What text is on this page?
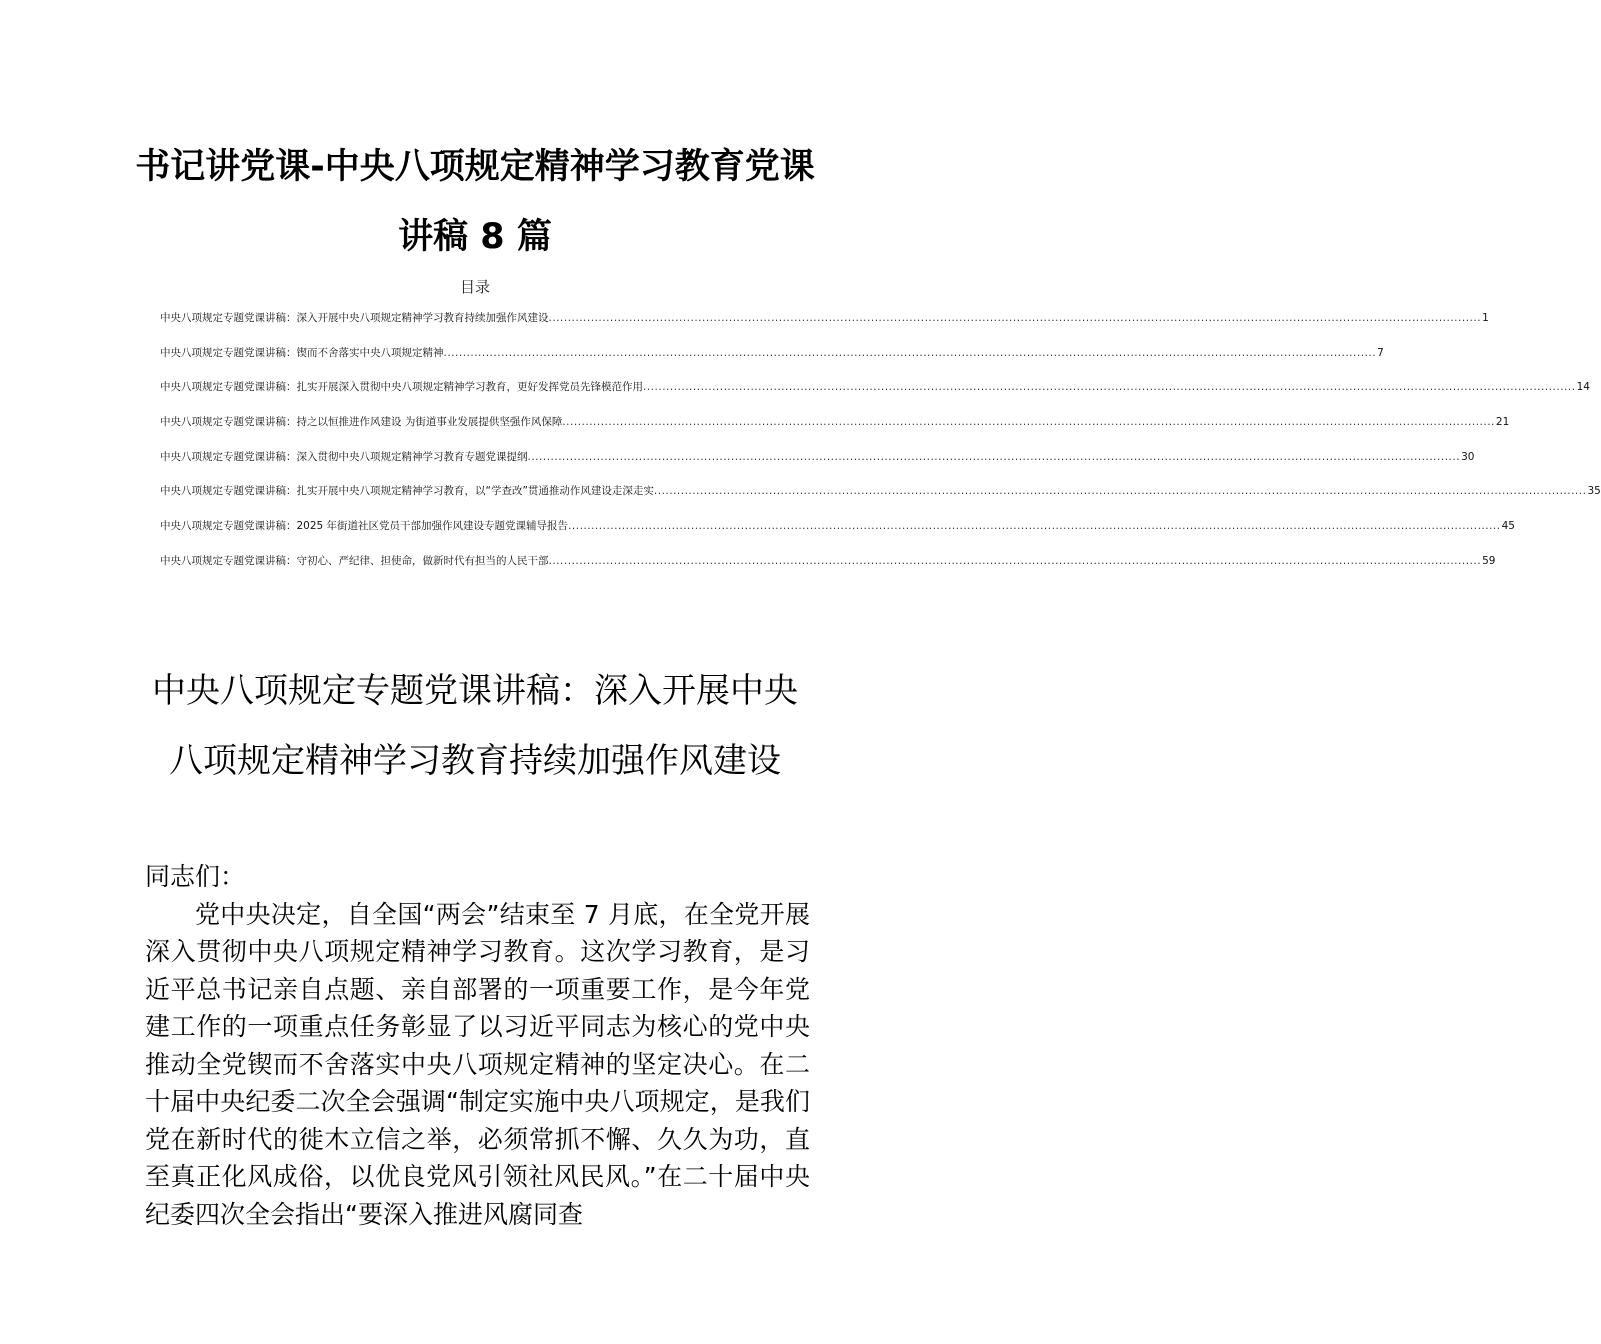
书记讲党课-中央八项规定精神学习教育党课讲稿 8 篇
目录
中央八项规定专题党课讲稿：深入开展中央八项规定精神学习教育持续加强作风建设 .....	1
中央八项规定专题党课讲稿：锲而不舍落实中央八项规定精神 .....	7
中央八项规定专题党课讲稿：扎实开展深入贯彻中央八项规定精神学习教育，更好发挥党员先锋模范作用 .....	14
中央八项规定专题党课讲稿：持之以恒推进作风建设 为街道事业发展提供坚强作风保障 .....	21
中央八项规定专题党课讲稿：深入贯彻中央八项规定精神学习教育专题党课提纲 .....	30
中央八项规定专题党课讲稿：扎实开展中央八项规定精神学习教育，以“学查改”贯通推动作风建设走深走实 .....	35
中央八项规定专题党课讲稿：2025 年街道社区党员干部加强作风建设专题党课辅导报告 .....	45
中央八项规定专题党课讲稿：守初心、严纪律、担使命，做新时代有担当的人民干部 .....	59
中央八项规定专题党课讲稿：深入开展中央八项规定精神学习教育持续加强作风建设

同志们：

党中央决定，自全国“两会”结束至 7 月底，在全党开展深入贯彻中央八项规定精神学习教育。这次学习教育，是习近平总书记亲自点题、亲自部署的一项重要工作，是今年党建工作的一项重点任务彰显了以习近平同志为核心的党中央推动全党锲而不舍落实中央八项规定精神的坚定决心。在二十届中央纪委二次全会强调“制定实施中央八项规定，是我们党在新时代的徙木立信之举，必须常抓不懈、久久为功，直至真正化风成俗，以优良党风引领社风民风。”在二十届中央纪委四次全会指出“要深入推进风腐同查
